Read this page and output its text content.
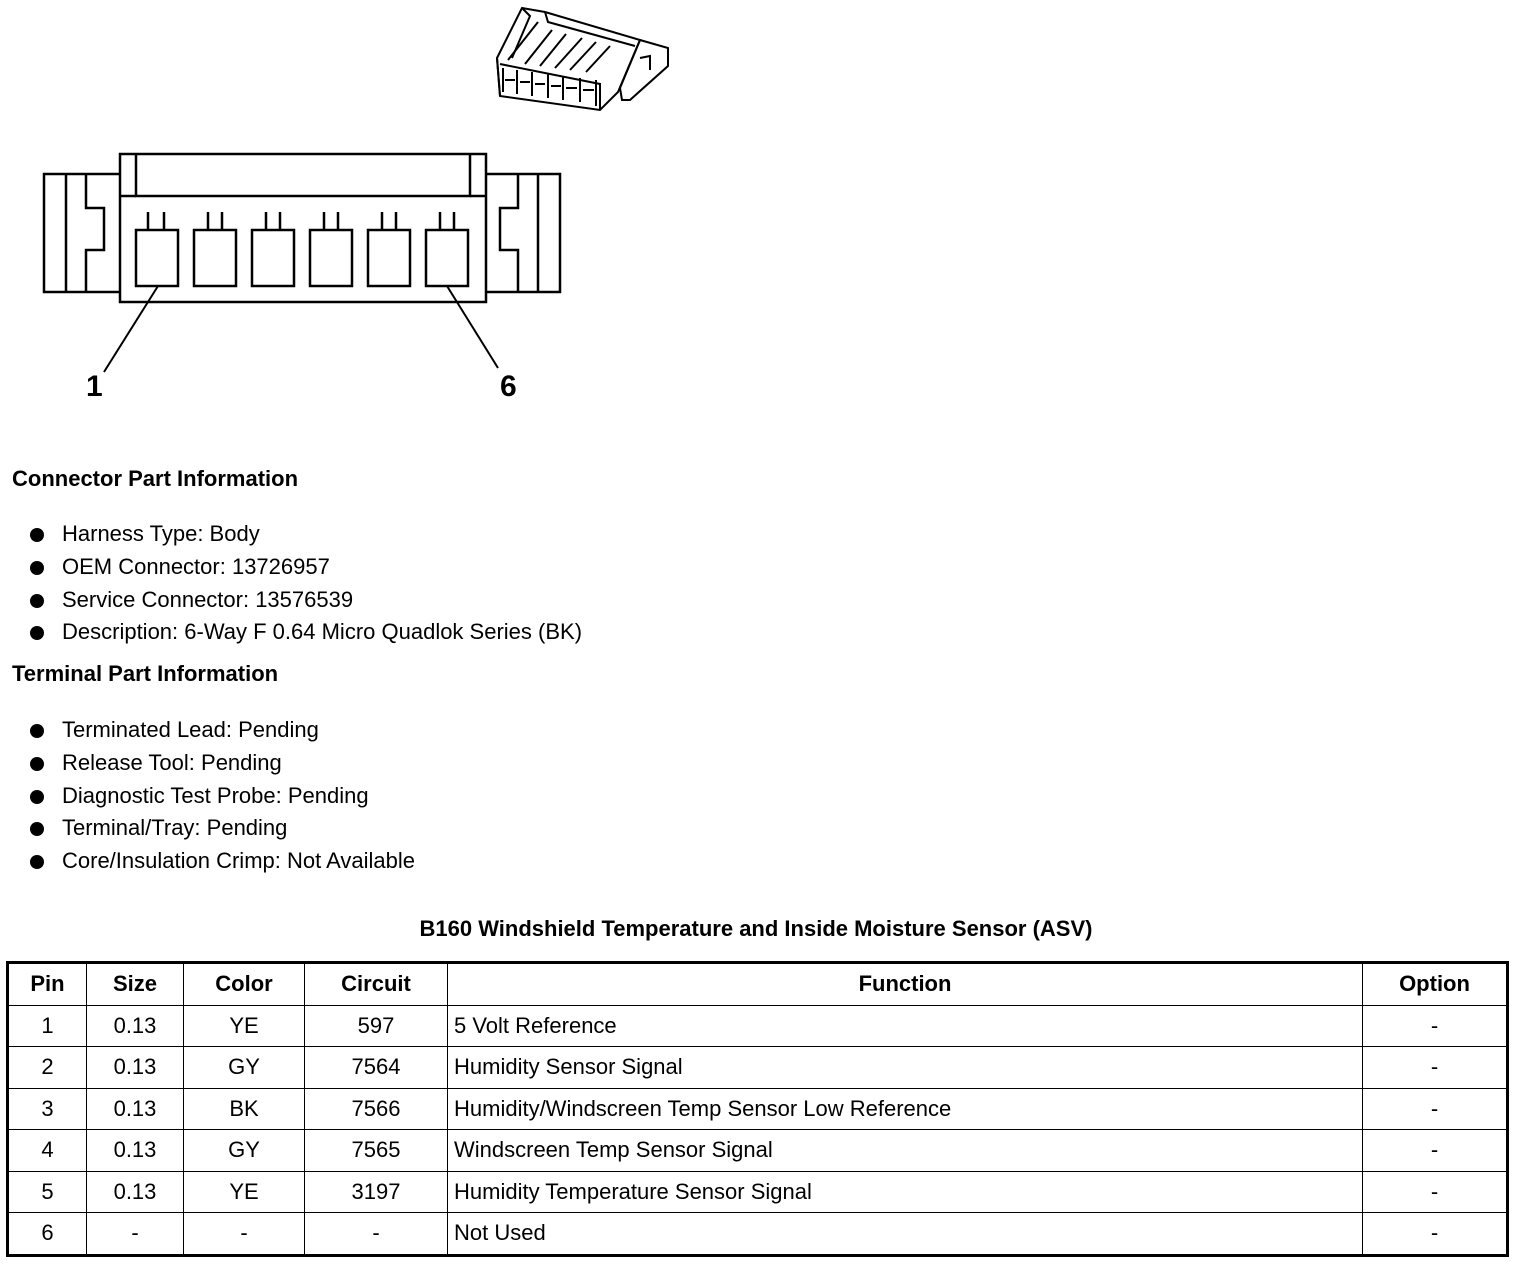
1	6
Connector Part Information
Harness Type: Body
OEM Connector: 13726957
Service Connector: 13576539
Description: 6-Way F 0.64 Micro Quadlok Series (BK)
Terminal Part Information
Terminated Lead: Pending
Release Tool: Pending
Diagnostic Test Probe: Pending
Terminal/Tray: Pending
Core/Insulation Crimp: Not Available
B160 Windshield Temperature and Inside Moisture Sensor (ASV)
Pin	Size	Color	Circuit	Function	Option
1	0.13	YE	597	5 Volt Reference	-
2	0.13	GY	7564	Humidity Sensor Signal	-
3	0.13	BK	7566	Humidity/Windscreen Temp Sensor Low Reference	-
4	0.13	GY	7565	Windscreen Temp Sensor Signal	-
5	0.13	YE	3197	Humidity Temperature Sensor Signal	-
6	-	-	-	Not Used	-
